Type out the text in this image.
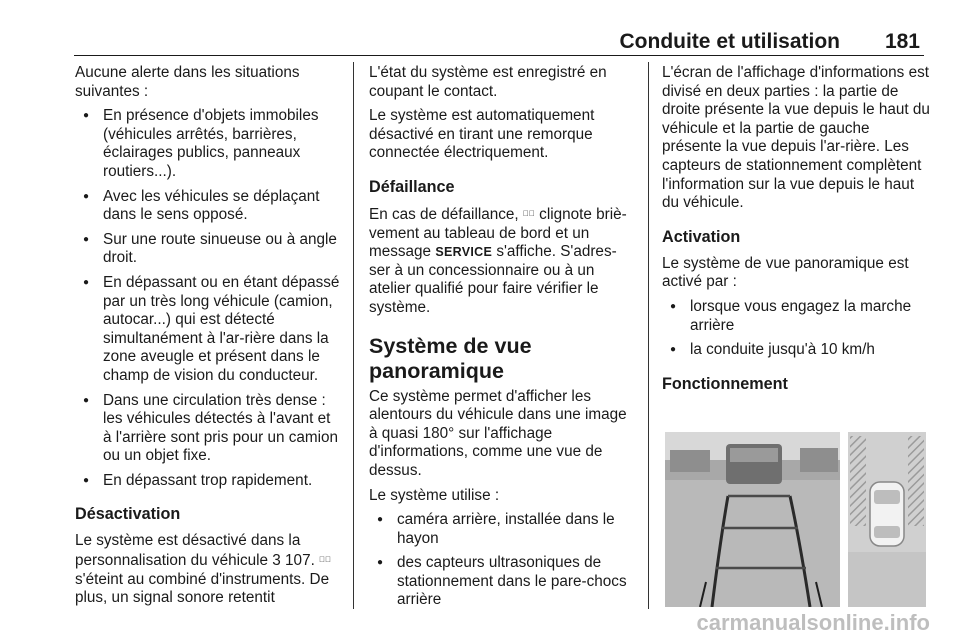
Conduite et utilisation 181

Aucune alerte dans les situations suivantes :

● En présence d'objets immobiles (véhicules arrêtés, barrières, éclairages publics, panneaux routiers...).
● Avec les véhicules se déplaçant dans le sens opposé.
● Sur une route sinueuse ou à angle droit.
● En dépassant ou en étant dépassé par un très long véhicule (camion, autocar...) qui est détecté simultanément à l'ar-rière dans la zone aveugle et présent dans le champ de vision du conducteur.
● Dans une circulation très dense : les véhicules détectés à l'avant et à l'arrière sont pris pour un camion ou un objet fixe.
● En dépassant trop rapidement.
Désactivation

Le système est désactivé dans la personnalisation du véhicule 3 107. ⸪⃞ s'éteint au combiné d'instruments. De plus, un signal sonore retentit

L'état du système est enregistré en coupant le contact.

Le système est automatiquement désactivé en tirant une remorque connectée électriquement.

Défaillance

En cas de défaillance, ⸪⃞ clignote briè-vement au tableau de bord et un message SERVICE s'affiche. S'adres-ser à un concessionnaire ou à un atelier qualifié pour faire vérifier le système.

Système de vue panoramique

Ce système permet d'afficher les alentours du véhicule dans une image à quasi 180° sur l'affichage d'informations, comme une vue de dessus.

Le système utilise :

● caméra arrière, installée dans le hayon
● des capteurs ultrasoniques de stationnement dans le pare-chocs arrière

L'écran de l'affichage d'informations est divisé en deux parties : la partie de droite présente la vue depuis le haut du véhicule et la partie de gauche présente la vue depuis l'ar-rière. Les capteurs de stationnement complètent l'information sur la vue depuis le haut du véhicule.

Activation

Le système de vue panoramique est activé par :

● lorsque vous engagez la marche arrière
● la conduite jusqu'à 10 km/h
Fonctionnement
carmanualsonline.info
